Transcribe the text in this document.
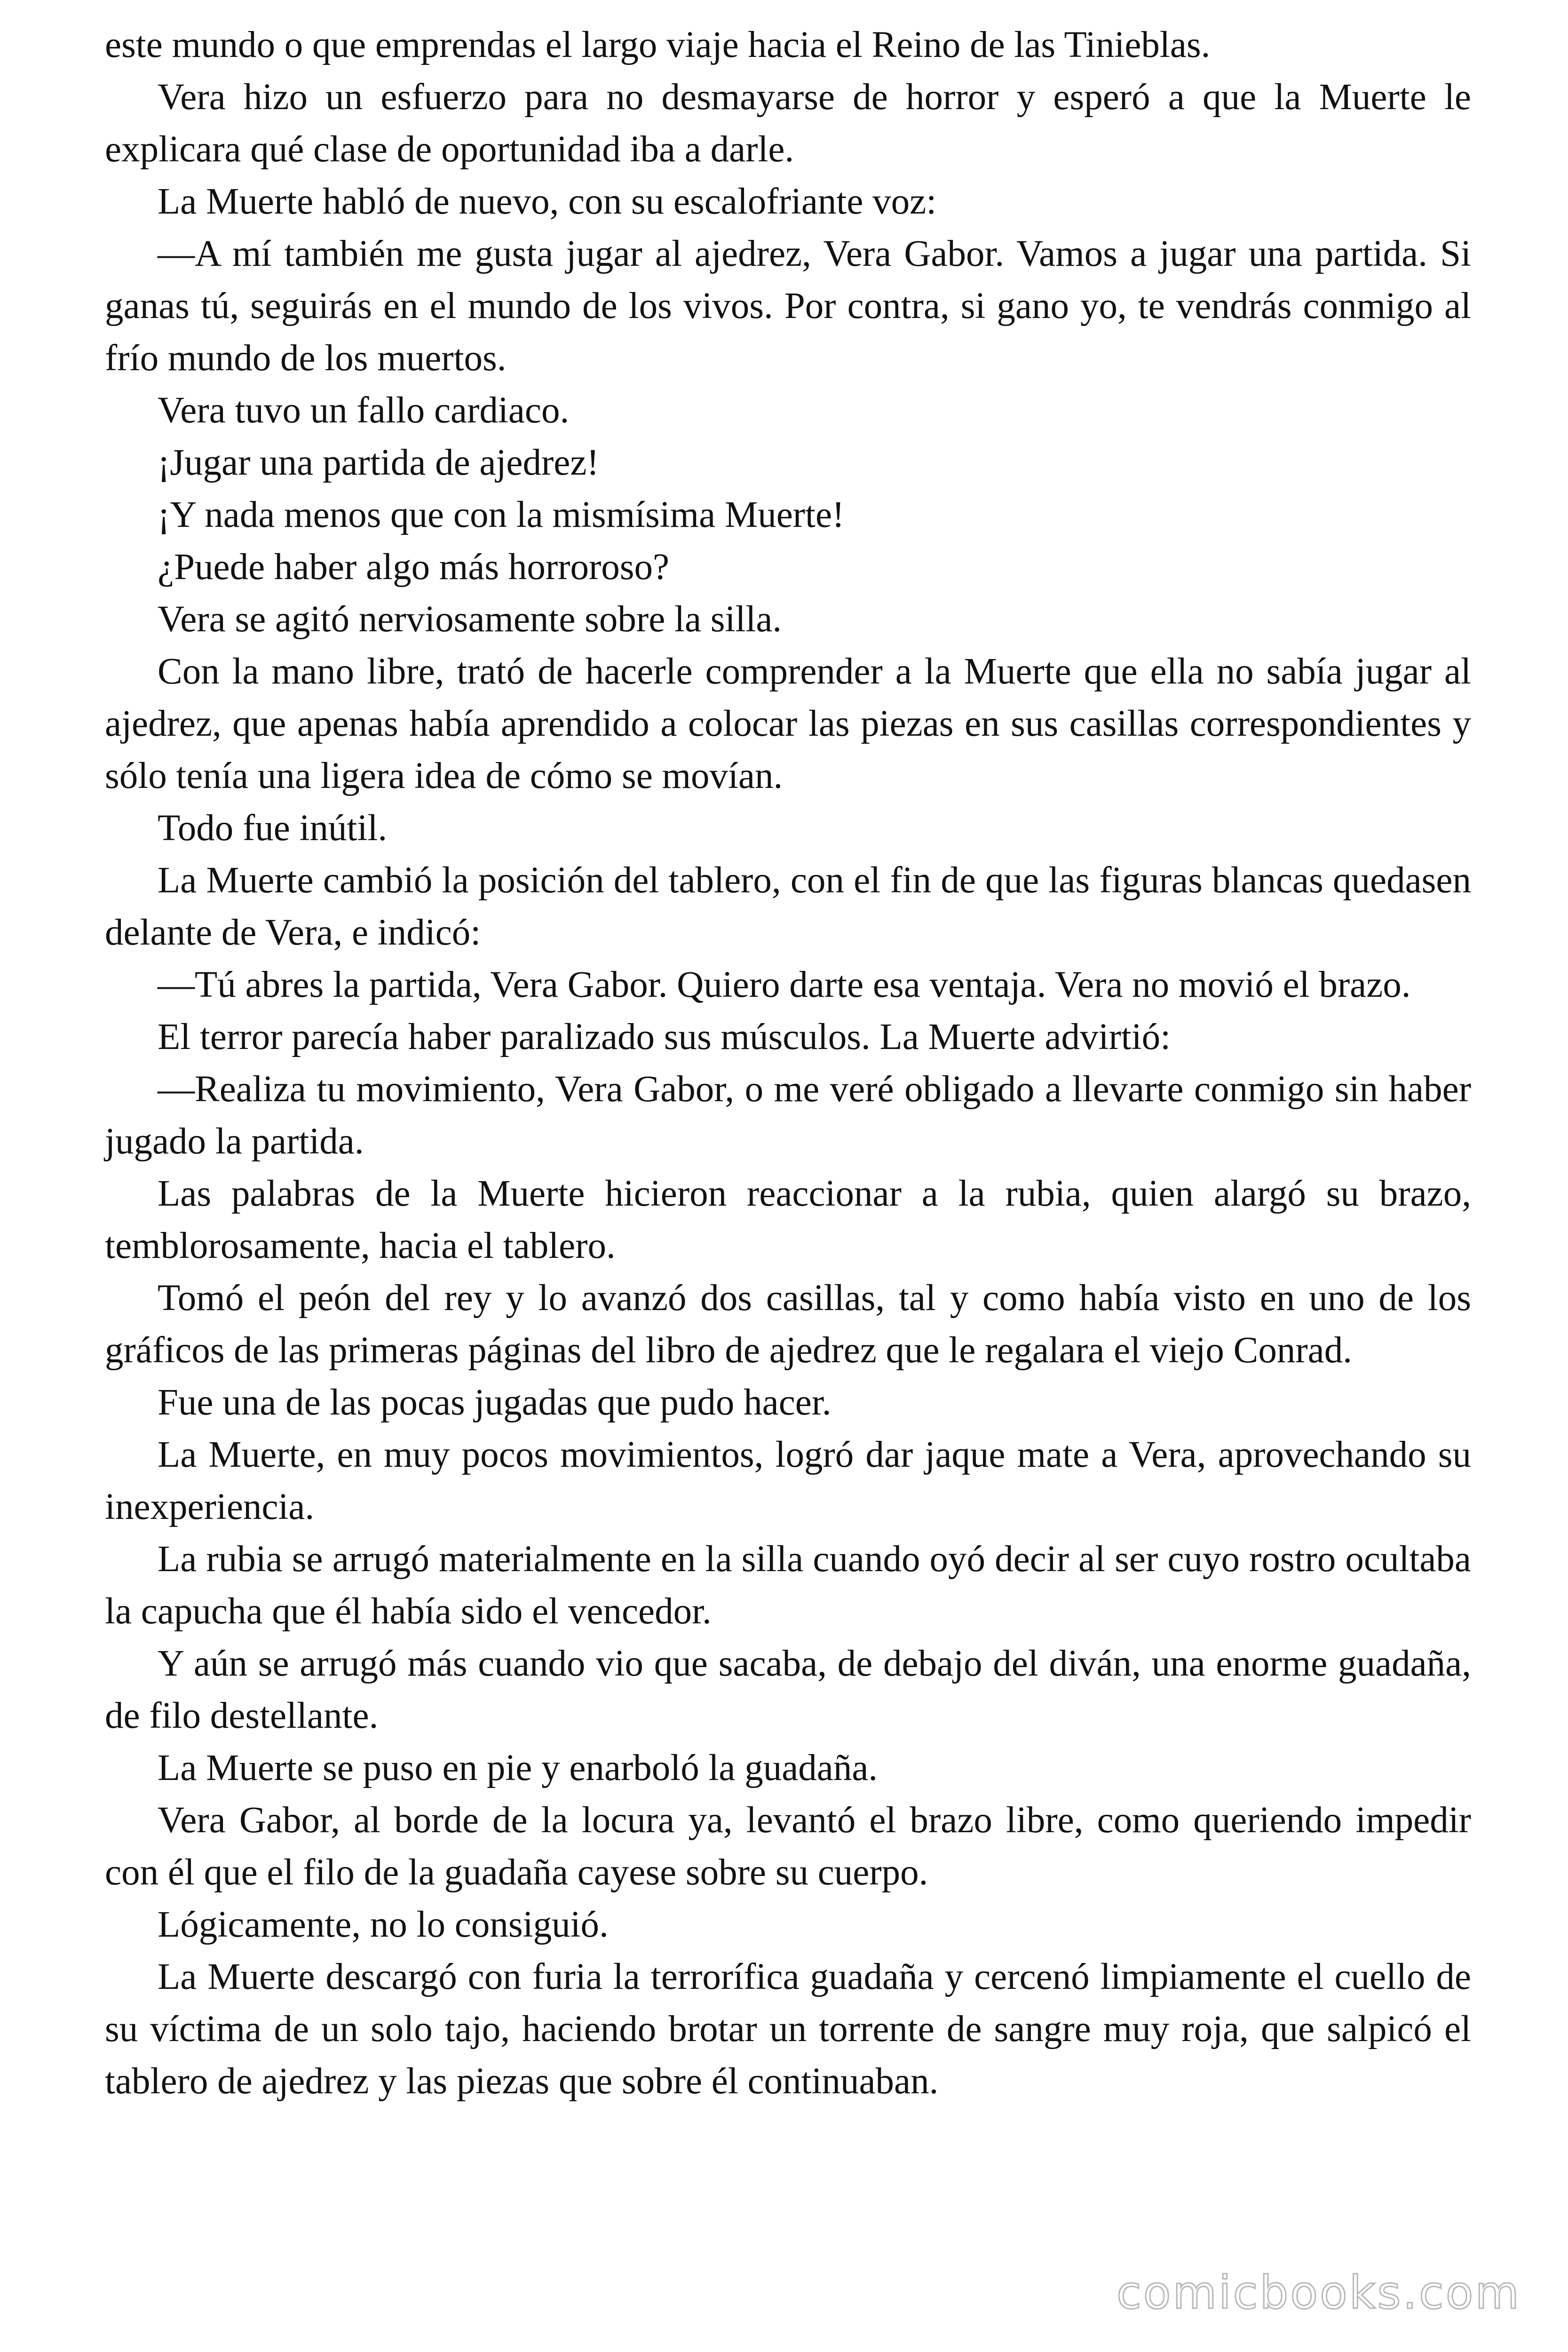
este mundo o que emprendas el largo viaje hacia el Reino de las Tinieblas.

Vera hizo un esfuerzo para no desmayarse de horror y esperó a que la Muerte le explicara qué clase de oportunidad iba a darle.

La Muerte habló de nuevo, con su escalofriante voz:

—A mí también me gusta jugar al ajedrez, Vera Gabor. Vamos a jugar una partida. Si ganas tú, seguirás en el mundo de los vivos. Por contra, si gano yo, te vendrás conmigo al frío mundo de los muertos.

Vera tuvo un fallo cardiaco.

¡Jugar una partida de ajedrez!

¡Y nada menos que con la mismísima Muerte!

¿Puede haber algo más horroroso?

Vera se agitó nerviosamente sobre la silla.

Con la mano libre, trató de hacerle comprender a la Muerte que ella no sabía jugar al ajedrez, que apenas había aprendido a colocar las piezas en sus casillas correspondientes y sólo tenía una ligera idea de cómo se movían.

Todo fue inútil.

La Muerte cambió la posición del tablero, con el fin de que las figuras blancas quedasen delante de Vera, e indicó:

—Tú abres la partida, Vera Gabor. Quiero darte esa ventaja. Vera no movió el brazo.

El terror parecía haber paralizado sus músculos. La Muerte advirtió:

—Realiza tu movimiento, Vera Gabor, o me veré obligado a llevarte conmigo sin haber jugado la partida.

Las palabras de la Muerte hicieron reaccionar a la rubia, quien alargó su brazo, temblorosamente, hacia el tablero.

Tomó el peón del rey y lo avanzó dos casillas, tal y como había visto en uno de los gráficos de las primeras páginas del libro de ajedrez que le regalara el viejo Conrad.

Fue una de las pocas jugadas que pudo hacer.

La Muerte, en muy pocos movimientos, logró dar jaque mate a Vera, aprovechando su inexperiencia.

La rubia se arrugó materialmente en la silla cuando oyó decir al ser cuyo rostro ocultaba la capucha que él había sido el vencedor.

Y aún se arrugó más cuando vio que sacaba, de debajo del diván, una enorme guadaña, de filo destellante.

La Muerte se puso en pie y enarboló la guadaña.

Vera Gabor, al borde de la locura ya, levantó el brazo libre, como queriendo impedir con él que el filo de la guadaña cayese sobre su cuerpo.

Lógicamente, no lo consiguió.

La Muerte descargó con furia la terrorífica guadaña y cercenó limpiamente el cuello de su víctima de un solo tajo, haciendo brotar un torrente de sangre muy roja, que salpicó el tablero de ajedrez y las piezas que sobre él continuaban.

comicbooks.com
